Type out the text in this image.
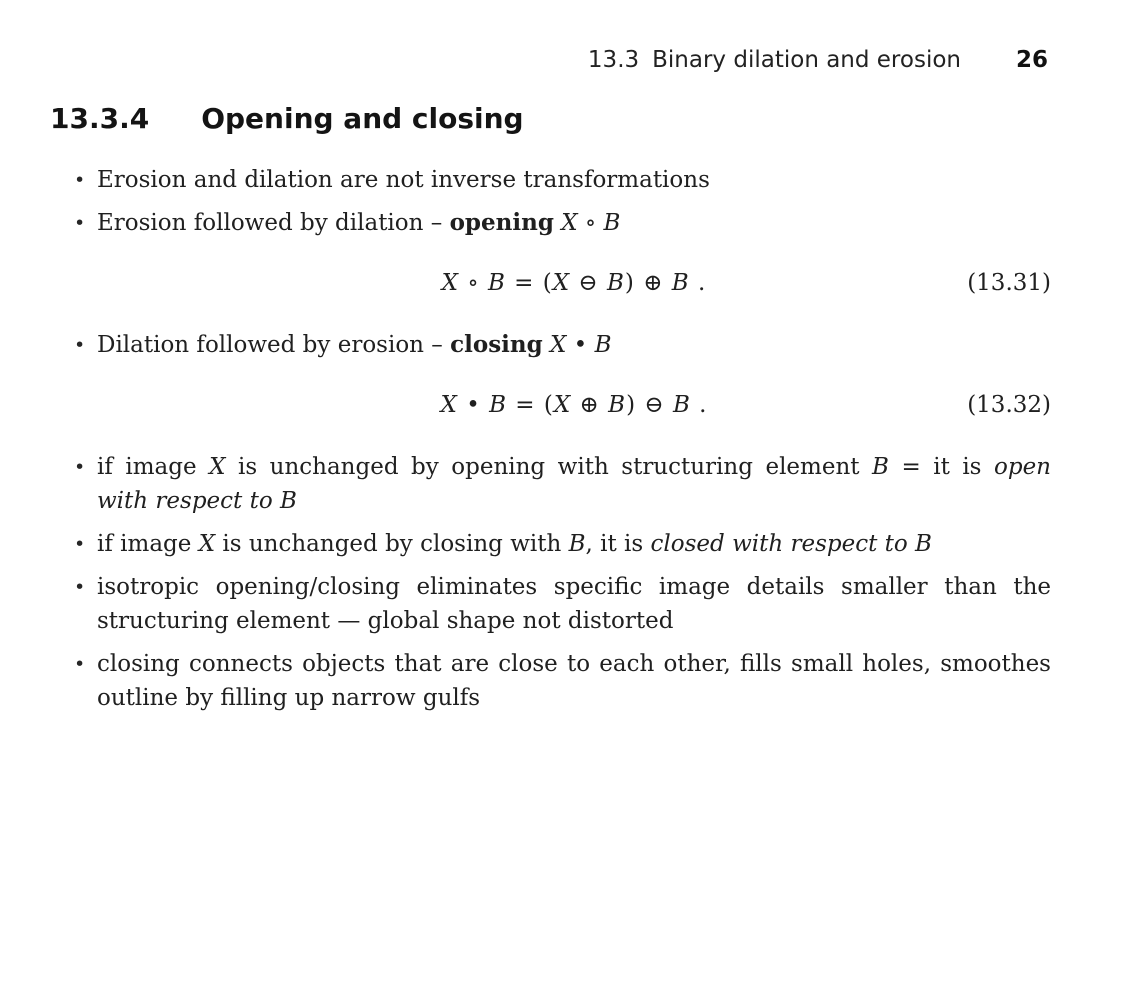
13.3 Binary dilation and erosion 26
13.3.4 Opening and closing
• Erosion and dilation are not inverse transformations
• Erosion followed by dilation – opening X ∘ B
X ∘ B = (X ⊖ B) ⊕ B .	(13.31)
• Dilation followed by erosion – closing X • B
X • B = (X ⊕ B) ⊖ B .	(13.32)
• if image X is unchanged by opening with structuring element B = it is open
with respect to B
• if image X is unchanged by closing with B, it is closed with respect to B
• isotropic opening/closing eliminates specific image details smaller than the
structuring element — global shape not distorted
• closing connects objects that are close to each other, fills small holes, smoothes
outline by filling up narrow gulfs
